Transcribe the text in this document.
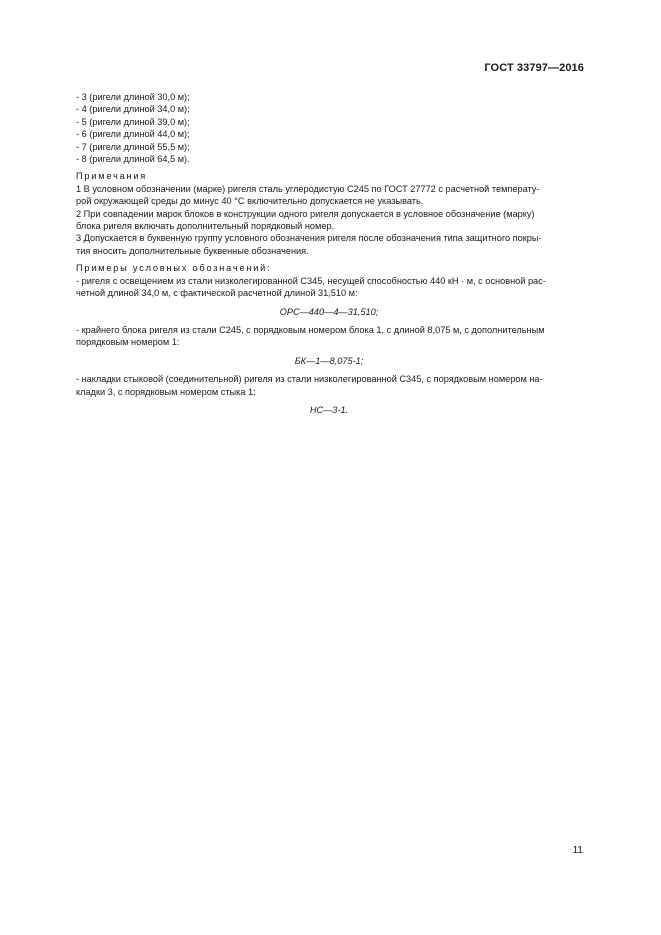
ГОСТ 33797—2016
- 3 (ригели длиной 30,0 м);
- 4 (ригели длиной 34,0 м);
- 5 (ригели длиной 39,0 м);
- 6 (ригели длиной 44,0 м);
- 7 (ригели длиной 55,5 м);
- 8 (ригели длиной 64,5 м).
Примечания
1 В условном обозначении (марке) ригеля сталь углеродистую С245 по ГОСТ 27772 с расчетной температу-
рой окружающей среды до минус 40 °С включительно допускается не указывать.
2 При совпадении марок блоков в конструкции одного ригеля допускается в условное обозначение (марку)
блока ригеля включать дополнительный порядковый номер.
3 Допускается в буквенную группу условного обозначения ригеля после обозначения типа защитного покры-
тия вносить дополнительные буквенные обозначения.
Примеры условных обозначений:
- ригеля с освещением из стали низколегированной С345, несущей способностью 440 кН · м, с основной рас-
четной длиной 34,0 м, с фактической расчетной длиной 31,510 м:
ОРС—440—4—31,510;
- крайнего блока ригеля из стали С245, с порядковым номером блока 1, с длиной 8,075 м, с дополнительным
порядковым номером 1:
БК—1—8,075-1;
- накладки стыковой (соединительной) ригеля из стали низколегированной С345, с порядковым номером на-
кладки 3, с порядковым номером стыка 1:
НС—3-1.
11
